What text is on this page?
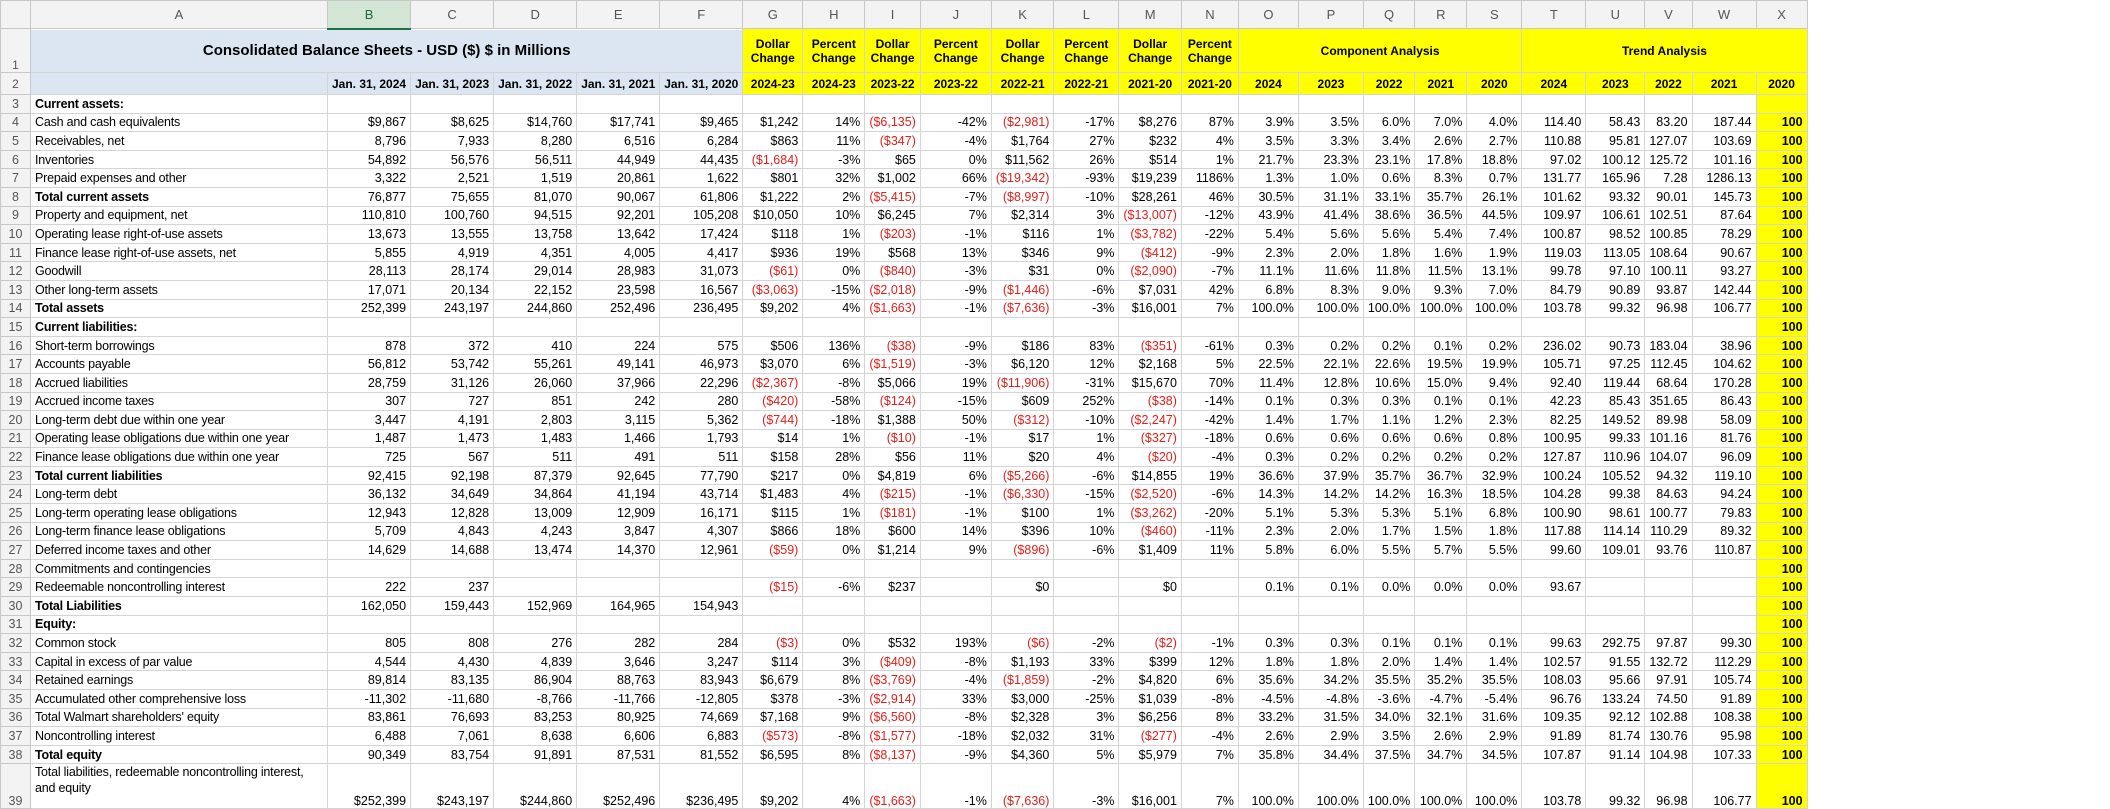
	A	B	C	D	E	F	G	H	I	J	K	L	M	N	O	P	Q	R	S	T	U	V	W	X
1	Consolidated Balance Sheets - USD ($) $ in Millions						Dollar Change	Percent Change	Dollar Change	Percent Change	Dollar Change	Percent Change	Dollar Change	Percent Change	Component Analysis					Trend Analysis				
2		Jan. 31, 2024	Jan. 31, 2023	Jan. 31, 2022	Jan. 31, 2021	Jan. 31, 2020	2024-23	2024-23	2023-22	2023-22	2022-21	2022-21	2021-20	2021-20	2024	2023	2022	2021	2020	2024	2023	2022	2021	2020
3	Current assets:																							
4	Cash and cash equivalents	$9,867	$8,625	$14,760	$17,741	$9,465	$1,242	14%	($6,135)	-42%	($2,981)	-17%	$8,276	87%	3.9%	3.5%	6.0%	7.0%	4.0%	114.40	58.43	83.20	187.44	100
5	Receivables, net	8,796	7,933	8,280	6,516	6,284	$863	11%	($347)	-4%	$1,764	27%	$232	4%	3.5%	3.3%	3.4%	2.6%	2.7%	110.88	95.81	127.07	103.69	100
6	Inventories	54,892	56,576	56,511	44,949	44,435	($1,684)	-3%	$65	0%	$11,562	26%	$514	1%	21.7%	23.3%	23.1%	17.8%	18.8%	97.02	100.12	125.72	101.16	100
7	Prepaid expenses and other	3,322	2,521	1,519	20,861	1,622	$801	32%	$1,002	66%	($19,342)	-93%	$19,239	1186%	1.3%	1.0%	0.6%	8.3%	0.7%	131.77	165.96	7.28	1286.13	100
8	Total current assets	76,877	75,655	81,070	90,067	61,806	$1,222	2%	($5,415)	-7%	($8,997)	-10%	$28,261	46%	30.5%	31.1%	33.1%	35.7%	26.1%	101.62	93.32	90.01	145.73	100
9	Property and equipment, net	110,810	100,760	94,515	92,201	105,208	$10,050	10%	$6,245	7%	$2,314	3%	($13,007)	-12%	43.9%	41.4%	38.6%	36.5%	44.5%	109.97	106.61	102.51	87.64	100
10	Operating lease right-of-use assets	13,673	13,555	13,758	13,642	17,424	$118	1%	($203)	-1%	$116	1%	($3,782)	-22%	5.4%	5.6%	5.6%	5.4%	7.4%	100.87	98.52	100.85	78.29	100
11	Finance lease right-of-use assets, net	5,855	4,919	4,351	4,005	4,417	$936	19%	$568	13%	$346	9%	($412)	-9%	2.3%	2.0%	1.8%	1.6%	1.9%	119.03	113.05	108.64	90.67	100
12	Goodwill	28,113	28,174	29,014	28,983	31,073	($61)	0%	($840)	-3%	$31	0%	($2,090)	-7%	11.1%	11.6%	11.8%	11.5%	13.1%	99.78	97.10	100.11	93.27	100
13	Other long-term assets	17,071	20,134	22,152	23,598	16,567	($3,063)	-15%	($2,018)	-9%	($1,446)	-6%	$7,031	42%	6.8%	8.3%	9.0%	9.3%	7.0%	84.79	90.89	93.87	142.44	100
14	Total assets	252,399	243,197	244,860	252,496	236,495	$9,202	4%	($1,663)	-1%	($7,636)	-3%	$16,001	7%	100.0%	100.0%	100.0%	100.0%	100.0%	103.78	99.32	96.98	106.77	100
15	Current liabilities:																							100
16	Short-term borrowings	878	372	410	224	575	$506	136%	($38)	-9%	$186	83%	($351)	-61%	0.3%	0.2%	0.2%	0.1%	0.2%	236.02	90.73	183.04	38.96	100
17	Accounts payable	56,812	53,742	55,261	49,141	46,973	$3,070	6%	($1,519)	-3%	$6,120	12%	$2,168	5%	22.5%	22.1%	22.6%	19.5%	19.9%	105.71	97.25	112.45	104.62	100
18	Accrued liabilities	28,759	31,126	26,060	37,966	22,296	($2,367)	-8%	$5,066	19%	($11,906)	-31%	$15,670	70%	11.4%	12.8%	10.6%	15.0%	9.4%	92.40	119.44	68.64	170.28	100
19	Accrued income taxes	307	727	851	242	280	($420)	-58%	($124)	-15%	$609	252%	($38)	-14%	0.1%	0.3%	0.3%	0.1%	0.1%	42.23	85.43	351.65	86.43	100
20	Long-term debt due within one year	3,447	4,191	2,803	3,115	5,362	($744)	-18%	$1,388	50%	($312)	-10%	($2,247)	-42%	1.4%	1.7%	1.1%	1.2%	2.3%	82.25	149.52	89.98	58.09	100
21	Operating lease obligations due within one year	1,487	1,473	1,483	1,466	1,793	$14	1%	($10)	-1%	$17	1%	($327)	-18%	0.6%	0.6%	0.6%	0.6%	0.8%	100.95	99.33	101.16	81.76	100
22	Finance lease obligations due within one year	725	567	511	491	511	$158	28%	$56	11%	$20	4%	($20)	-4%	0.3%	0.2%	0.2%	0.2%	0.2%	127.87	110.96	104.07	96.09	100
23	Total current liabilities	92,415	92,198	87,379	92,645	77,790	$217	0%	$4,819	6%	($5,266)	-6%	$14,855	19%	36.6%	37.9%	35.7%	36.7%	32.9%	100.24	105.52	94.32	119.10	100
24	Long-term debt	36,132	34,649	34,864	41,194	43,714	$1,483	4%	($215)	-1%	($6,330)	-15%	($2,520)	-6%	14.3%	14.2%	14.2%	16.3%	18.5%	104.28	99.38	84.63	94.24	100
25	Long-term operating lease obligations	12,943	12,828	13,009	12,909	16,171	$115	1%	($181)	-1%	$100	1%	($3,262)	-20%	5.1%	5.3%	5.3%	5.1%	6.8%	100.90	98.61	100.77	79.83	100
26	Long-term finance lease obligations	5,709	4,843	4,243	3,847	4,307	$866	18%	$600	14%	$396	10%	($460)	-11%	2.3%	2.0%	1.7%	1.5%	1.8%	117.88	114.14	110.29	89.32	100
27	Deferred income taxes and other	14,629	14,688	13,474	14,370	12,961	($59)	0%	$1,214	9%	($896)	-6%	$1,409	11%	5.8%	6.0%	5.5%	5.7%	5.5%	99.60	109.01	93.76	110.87	100
28	Commitments and contingencies																							100
29	Redeemable noncontrolling interest	222	237				($15)	-6%	$237		$0		$0		0.1%	0.1%	0.0%	0.0%	0.0%	93.67				100
30	Total Liabilities	162,050	159,443	152,969	164,965	154,943																		100
31	Equity:																							100
32	Common stock	805	808	276	282	284	($3)	0%	$532	193%	($6)	-2%	($2)	-1%	0.3%	0.3%	0.1%	0.1%	0.1%	99.63	292.75	97.87	99.30	100
33	Capital in excess of par value	4,544	4,430	4,839	3,646	3,247	$114	3%	($409)	-8%	$1,193	33%	$399	12%	1.8%	1.8%	2.0%	1.4%	1.4%	102.57	91.55	132.72	112.29	100
34	Retained earnings	89,814	83,135	86,904	88,763	83,943	$6,679	8%	($3,769)	-4%	($1,859)	-2%	$4,820	6%	35.6%	34.2%	35.5%	35.2%	35.5%	108.03	95.66	97.91	105.74	100
35	Accumulated other comprehensive loss	-11,302	-11,680	-8,766	-11,766	-12,805	$378	-3%	($2,914)	33%	$3,000	-25%	$1,039	-8%	-4.5%	-4.8%	-3.6%	-4.7%	-5.4%	96.76	133.24	74.50	91.89	100
36	Total Walmart shareholders' equity	83,861	76,693	83,253	80,925	74,669	$7,168	9%	($6,560)	-8%	$2,328	3%	$6,256	8%	33.2%	31.5%	34.0%	32.1%	31.6%	109.35	92.12	102.88	108.38	100
37	Noncontrolling interest	6,488	7,061	8,638	6,606	6,883	($573)	-8%	($1,577)	-18%	$2,032	31%	($277)	-4%	2.6%	2.9%	3.5%	2.6%	2.9%	91.89	81.74	130.76	95.98	100
38	Total equity	90,349	83,754	91,891	87,531	81,552	$6,595	8%	($8,137)	-9%	$4,360	5%	$5,979	7%	35.8%	34.4%	37.5%	34.7%	34.5%	107.87	91.14	104.98	107.33	100
39	Total liabilities, redeemable noncontrolling interest, and equity	$252,399	$243,197	$244,860	$252,496	$236,495	$9,202	4%	($1,663)	-1%	($7,636)	-3%	$16,001	7%	100.0%	100.0%	100.0%	100.0%	100.0%	103.78	99.32	96.98	106.77	100
